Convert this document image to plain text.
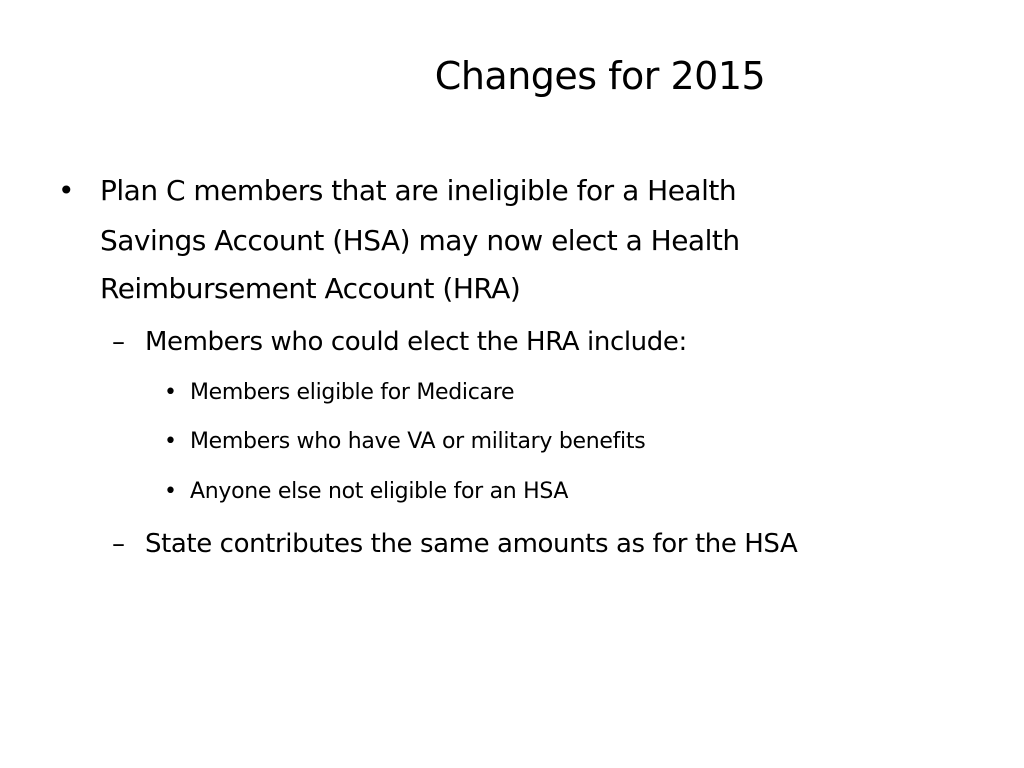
Changes for 2015
• Plan C members that are ineligible for a Health
Savings Account (HSA) may now elect a Health
Reimbursement Account (HRA)
– Members who could elect the HRA include:
• Members eligible for Medicare
• Members who have VA or military benefits
• Anyone else not eligible for an HSA
– State contributes the same amounts as for the HSA
